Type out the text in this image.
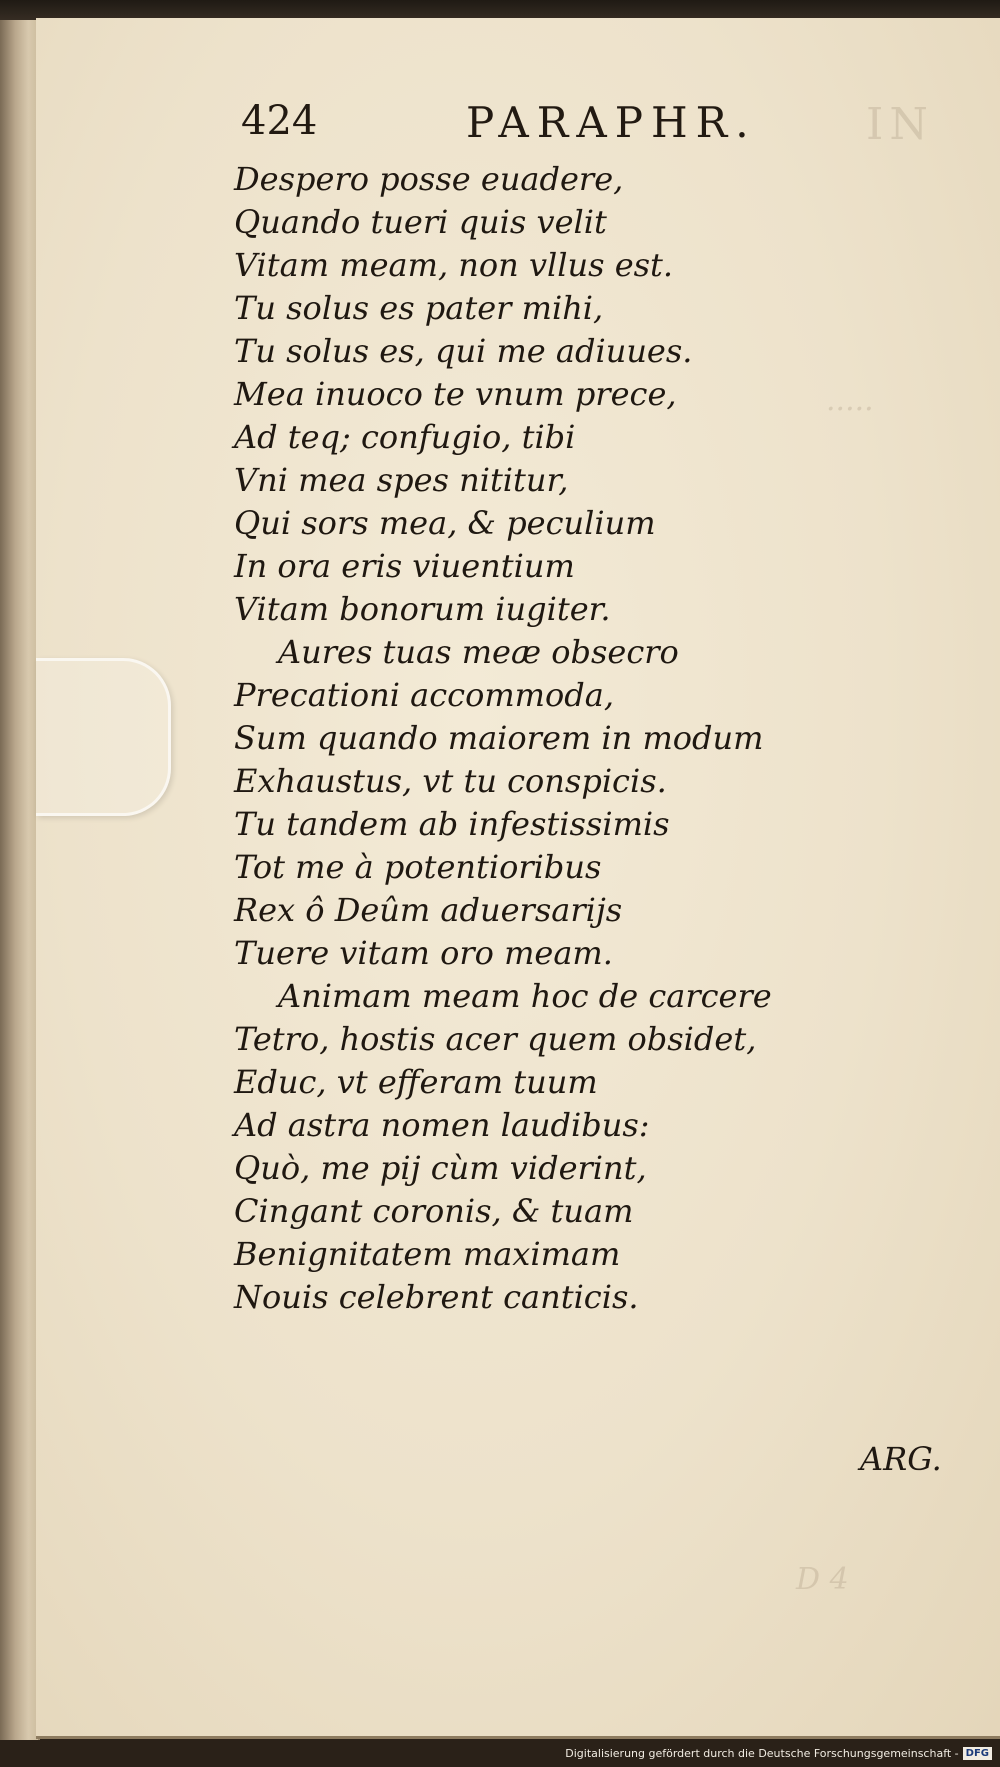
IN
·····
D 4
424	PARAPHR.
Despero posse euadere,
Quando tueri quis velit
Vitam meam, non vllus est.
Tu solus es pater mihi,
Tu solus es, qui me adiuues.
Mea inuoco te vnum prece,
Ad teq; confugio, tibi
Vni mea spes nititur,
Qui sors mea, & peculium
In ora eris viuentium
Vitam bonorum iugiter.
Aures tuas meæ obsecro
Precationi accommoda,
Sum quando maiorem in modum
Exhaustus, vt tu conspicis.
Tu tandem ab infestissimis
Tot me à potentioribus
Rex ô Deûm aduersarijs
Tuere vitam oro meam.
Animam meam hoc de carcere
Tetro, hostis acer quem obsidet,
Educ, vt efferam tuum
Ad astra nomen laudibus:
Quò, me pij cùm viderint,
Cingant coronis, & tuam
Benignitatem maximam
Nouis celebrent canticis.
ARG.
Digitalisierung gefördert durch die Deutsche Forschungsgemeinschaft - DFG
